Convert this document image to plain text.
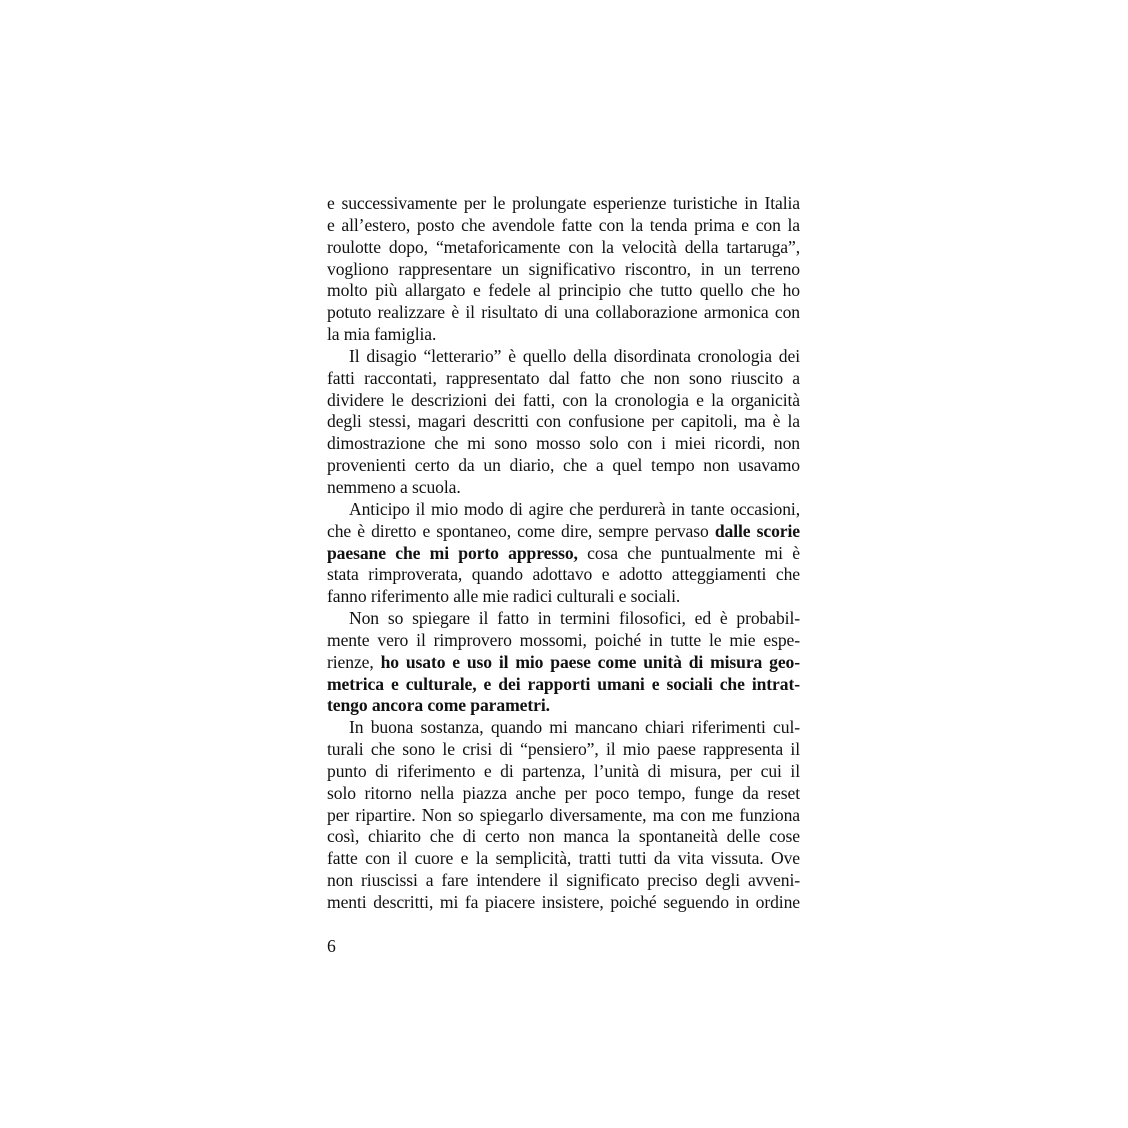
e successivamente per le prolungate esperienze turistiche in Italia
e all’estero, posto che avendole fatte con la tenda prima e con la
roulotte dopo, “metaforicamente con la velocità della tartaruga”,
vogliono rappresentare un significativo riscontro, in un terreno
molto più allargato e fedele al principio che tutto quello che ho
potuto realizzare è il risultato di una collaborazione armonica con
la mia famiglia.
Il disagio “letterario” è quello della disordinata cronologia dei
fatti raccontati, rappresentato dal fatto che non sono riuscito a
dividere le descrizioni dei fatti, con la cronologia e la organicità
degli stessi, magari descritti con confusione per capitoli, ma è la
dimostrazione che mi sono mosso solo con i miei ricordi, non
provenienti certo da un diario, che a quel tempo non usavamo
nemmeno a scuola.
Anticipo il mio modo di agire che perdurerà in tante occasioni,
che è diretto e spontaneo, come dire, sempre pervaso dalle scorie
paesane che mi porto appresso, cosa che puntualmente mi è
stata rimproverata, quando adottavo e adotto atteggiamenti che
fanno riferimento alle mie radici culturali e sociali.
Non so spiegare il fatto in termini filosofici, ed è probabil-
mente vero il rimprovero mossomi, poiché in tutte le mie espe-
rienze, ho usato e uso il mio paese come unità di misura geo-
metrica e culturale, e dei rapporti umani e sociali che intrat-
tengo ancora come parametri.
In buona sostanza, quando mi mancano chiari riferimenti cul-
turali che sono le crisi di “pensiero”, il mio paese rappresenta il
punto di riferimento e di partenza, l’unità di misura, per cui il
solo ritorno nella piazza anche per poco tempo, funge da reset
per ripartire. Non so spiegarlo diversamente, ma con me funziona
così, chiarito che di certo non manca la spontaneità delle cose
fatte con il cuore e la semplicità, tratti tutti da vita vissuta. Ove
non riuscissi a fare intendere il significato preciso degli avveni-
menti descritti, mi fa piacere insistere, poiché seguendo in ordine
6
